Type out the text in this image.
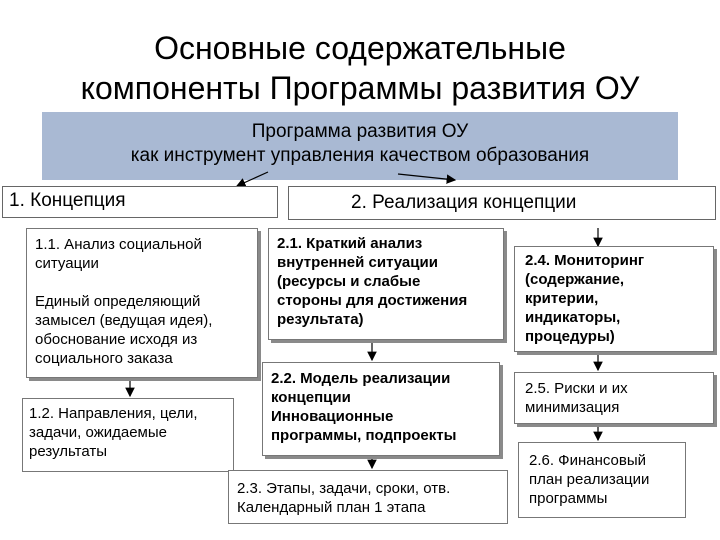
Основные содержательные
компоненты Программы развития ОУ
Программа развития ОУ
как инструмент управления качеством образования
1. Концепция	2. Реализация концепции
1.1. Анализ социальной
ситуации
Единый определяющий
замысел (ведущая идея),
обоснование исходя из
социального заказа
1.2. Направления, цели,
задачи, ожидаемые
результаты
2.1. Краткий анализ
внутренней ситуации
(ресурсы и слабые
стороны для достижения
результата)
2.2. Модель реализации
концепции
Инновационные
программы, подпроекты
2.3. Этапы, задачи, сроки, отв.
Календарный план 1 этапа
2.4. Мониторинг
(содержание,
критерии,
индикаторы,
процедуры)
2.5. Риски и их
минимизация
2.6. Финансовый
план реализации
программы
